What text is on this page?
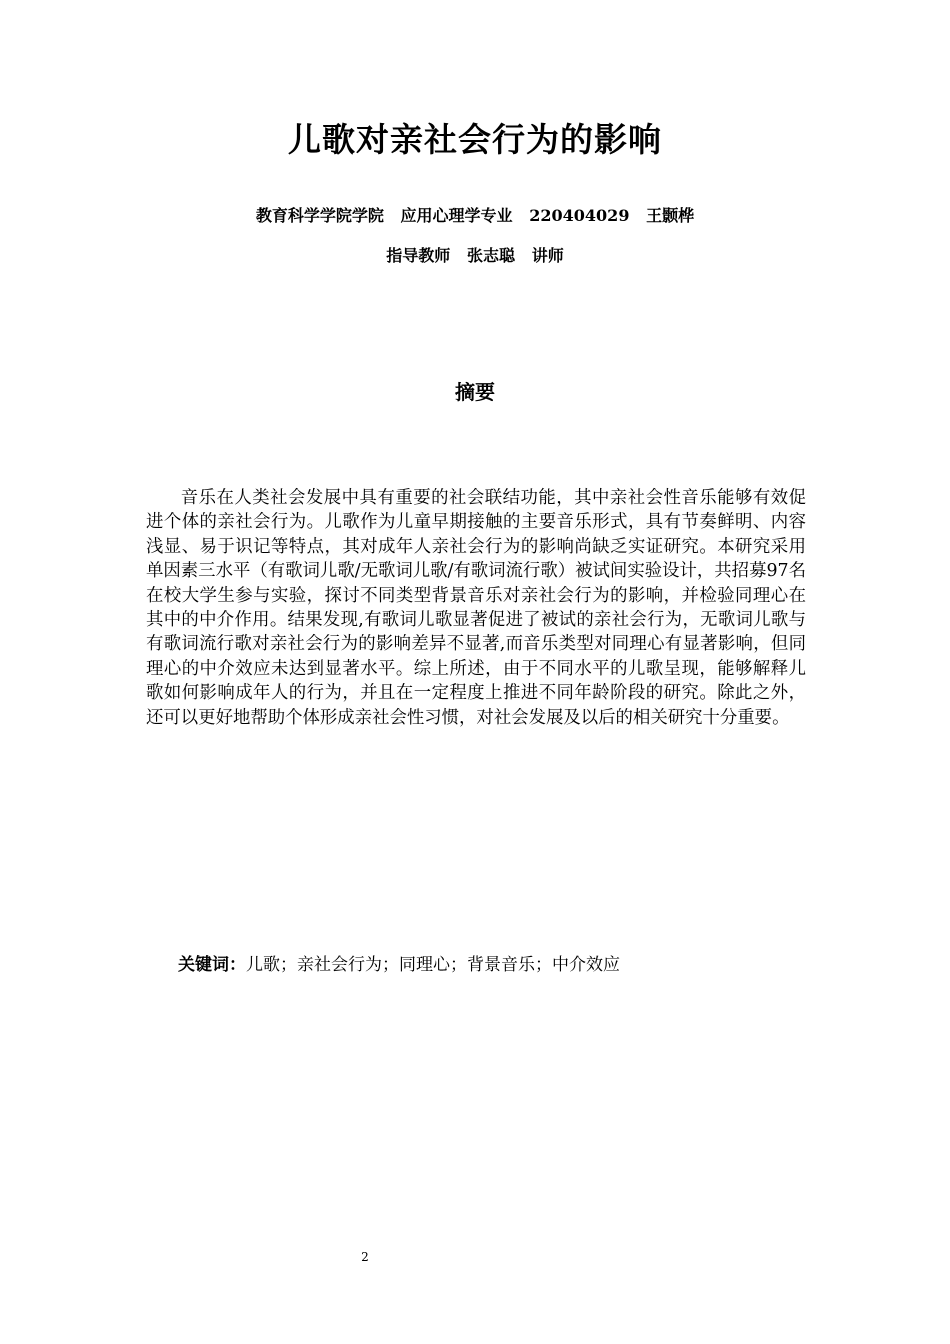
儿歌对亲社会行为的影响
教育科学学院学院   应用心理学专业   220404029   王颢桦
指导教师   张志聪   讲师
摘要

音乐在人类社会发展中具有重要的社会联结功能，其中亲社会性音乐能够有效促进个体的亲社会行为。儿歌作为儿童早期接触的主要音乐形式，具有节奏鲜明、内容浅显、易于识记等特点，其对成年人亲社会行为的影响尚缺乏实证研究。本研究采用单因素三水平（有歌词儿歌/无歌词儿歌/有歌词流行歌）被试间实验设计，共招募97名在校大学生参与实验，探讨不同类型背景音乐对亲社会行为的影响，并检验同理心在其中的中介作用。结果发现,有歌词儿歌显著促进了被试的亲社会行为，无歌词儿歌与有歌词流行歌对亲社会行为的影响差异不显著,而音乐类型对同理心有显著影响，但同理心的中介效应未达到显著水平。综上所述，由于不同水平的儿歌呈现，能够解释儿歌如何影响成年人的行为，并且在一定程度上推进不同年龄阶段的研究。除此之外，还可以更好地帮助个体形成亲社会性习惯，对社会发展及以后的相关研究十分重要。

关键词：儿歌；亲社会行为；同理心；背景音乐；中介效应
2
